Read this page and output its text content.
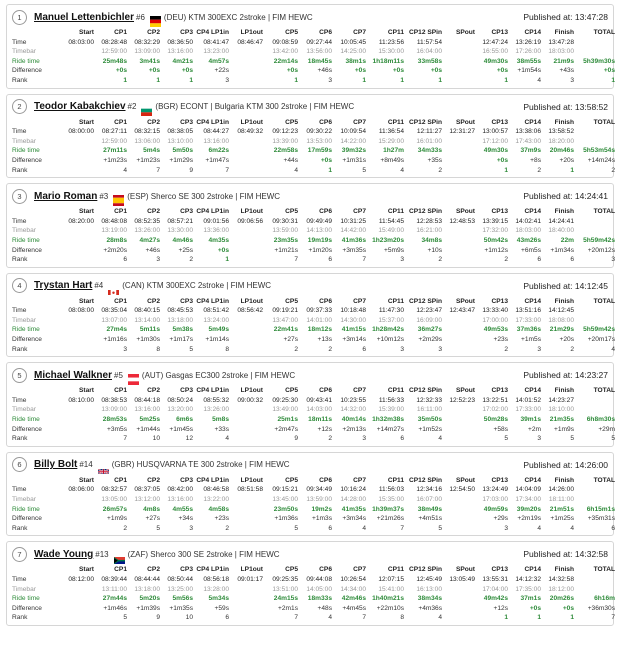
1	Manuel Lettenbichler #6 (DEU) KTM 300EXC 2stroke | FIM HEWC	Published at: 13:47:28
	Start	CP1	CP2	CP3	CP4 LP1in	LP1out	CP5	CP6	CP7	CP11	CP12 SPin	SPout	CP13	CP14	Finish	TOTAL
Time	08:03:00	08:28:48	08:32:29	08:36:50	08:41:47	08:46:47	09:08:59	09:27:44	10:05:45	11:23:56	11:57:54		12:47:24	13:26:19	13:47:28	
Timebar		12:59:00	13:09:00	13:16:00	13:23:00		13:42:00	13:56:00	14:25:00	15:30:00	16:04:00		16:55:00	17:26:00	18:03:00	
Ride time		25m48s	3m41s	4m21s	4m57s		22m14s	18m45s	38m1s	1h18m11s	33m58s		49m30s	38m55s	21m9s	5h39m30s
Difference		+0s	+0s	+0s	+22s		+0s	+46s	+0s	+0s	+0s		+0s	+1m54s	+43s	+0s
Rank		1	1	1	3		1	3	1	1	1		1	4	3	1
2	Teodor Kabakchiev #2 (BGR) ECONT | Bulgaria KTM 300 2stroke | FIM HEWC	Published at: 13:58:52
	Start	CP1	CP2	CP3	CP4 LP1in	LP1out	CP5	CP6	CP7	CP11	CP12 SPin	SPout	CP13	CP14	Finish	TOTAL
Time	08:00:00	08:27:11	08:32:15	08:38:05	08:44:27	08:49:32	09:12:23	09:30:22	10:09:54	11:36:54	12:11:27	12:31:27	13:00:57	13:38:06	13:58:52	
Timebar		12:59:00	13:06:00	13:10:00	13:16:00		13:39:00	13:53:00	14:22:00	15:29:00	16:01:00		17:12:00	17:43:00	18:20:00	
Ride time		27m11s	5m4s	5m50s	6m22s		22m58s	17m59s	39m32s	1h27m	34m33s		49m30s	37m9s	20m46s	5h53m54s
Difference		+1m23s	+1m23s	+1m29s	+1m47s		+44s	+0s	+1m31s	+8m49s	+35s		+0s	+8s	+20s	+14m24s
Rank		4	7	9	7		4	1	5	4	2		1	2	1	2
3	Mario Roman #3 (ESP) Sherco SE 300 2stroke | FIM HEWC	Published at: 14:24:41
	Start	CP1	CP2	CP3	CP4 LP1in	LP1out	CP5	CP6	CP7	CP11	CP12 SPin	SPout	CP13	CP14	Finish	TOTAL
Time	08:20:00	08:48:08	08:52:35	08:57:21	09:01:56	09:06:56	09:30:31	09:49:49	10:31:25	11:54:45	12:28:53	12:48:53	13:39:15	14:02:41	14:24:41	
Timebar		13:19:00	13:26:00	13:30:00	13:36:00		13:59:00	14:13:00	14:42:00	15:49:00	16:21:00		17:32:00	18:03:00	18:40:00	
Ride time		28m8s	4m27s	4m46s	4m35s		23m35s	19m19s	41m36s	1h23m20s	34m8s		50m42s	43m26s	22m	5h59m42s
Difference		+2m20s	+46s	+25s	+0s		+1m21s	+1m20s	+3m35s	+5m9s	+10s		+1m12s	+6m5s	+1m34s	+20m12s
Rank		6	3	2	1		7	6	7	3	2		2	6	6	3
4	Trystan Hart #4 (CAN) KTM 300EXC 2stroke | FIM HEWC	Published at: 14:12:45
	Start	CP1	CP2	CP3	CP4 LP1in	LP1out	CP5	CP6	CP7	CP11	CP12 SPin	SPout	CP13	CP14	Finish	TOTAL
Time	08:08:00	08:35:04	08:40:15	08:45:53	08:51:42	08:56:42	09:19:21	09:37:33	10:18:48	11:47:30	12:23:47	12:43:47	13:33:40	13:51:16	14:12:45	
Timebar		13:07:00	13:14:00	13:18:00	13:24:00		13:47:00	14:01:00	14:30:00	15:37:00	16:09:00		17:00:00	17:33:00	18:08:00	
Ride time		27m4s	5m11s	5m38s	5m49s		22m41s	18m12s	41m15s	1h28m42s	36m27s		49m53s	37m36s	21m29s	5h59m42s
Difference		+1m16s	+1m30s	+1m17s	+1m14s		+27s	+13s	+3m14s	+10m12s	+2m29s		+23s	+1m5s	+20s	+20m17s
Rank		3	8	5	8		2	2	6	3	3		2	3	2	4
5	Michael Walkner #5 (AUT) Gasgas EC300 2stroke | FIM HEWC	Published at: 14:23:27
	Start	CP1	CP2	CP3	CP4 LP1in	LP1out	CP5	CP6	CP7	CP11	CP12 SPin	SPout	CP13	CP14	Finish	TOTAL
Time	08:10:00	08:38:53	08:44:18	08:50:24	08:55:32	09:00:32	09:25:30	09:43:41	10:23:55	11:56:33	12:32:33	12:52:23	13:22:51	14:01:52	14:23:27	
Timebar		13:09:00	13:16:00	13:20:00	13:26:00		13:49:00	14:03:00	14:32:00	15:39:00	16:11:00		17:02:00	17:33:00	18:10:00	
Ride time		28m53s	5m25s	6m6s	5m8s		25m1s	18m11s	40m14s	1h32m38s	35m50s		50m28s	39m1s	21m35s	6h8m30s
Difference		+3m5s	+1m44s	+1m45s	+33s		+2m47s	+12s	+2m13s	+14m27s	+1m52s		+58s	+2m	+1m9s	+29m
Rank		7	10	12	4		9	2	3	6	4		5	3	5	5
6	Billy Bolt #14 (GBR) HUSQVARNA TE 300 2stroke | FIM HEWC	Published at: 14:26:00
	Start	CP1	CP2	CP3	CP4 LP1in	LP1out	CP5	CP6	CP7	CP11	CP12 SPin	SPout	CP13	CP14	Finish	TOTAL
Time	08:06:00	08:32:57	08:37:05	08:42:00	08:46:58	08:51:58	09:15:21	09:34:49	10:16:24	11:56:03	12:34:16	12:54:50	13:24:49	14:04:09	14:26:00	
Timebar		13:05:00	13:12:00	13:16:00	13:22:00		13:45:00	13:59:00	14:28:00	15:35:00	16:07:00		17:03:00	17:34:00	18:11:00	
Ride time		26m57s	4m8s	4m55s	4m58s		23m50s	19m2s	41m35s	1h39m37s	38m49s		49m59s	39m20s	21m51s	6h15m1s
Difference		+1m9s	+27s	+34s	+23s		+1m36s	+1m3s	+3m34s	+21m26s	+4m51s		+29s	+2m19s	+1m25s	+35m31s
Rank		2	5	3	2		5	6	4	7	5		3	4	4	6
7	Wade Young #13 (ZAF) Sherco 300 SE 2stroke | FIM HEWC	Published at: 14:32:58
	Start	CP1	CP2	CP3	CP4 LP1in	LP1out	CP5	CP6	CP7	CP11	CP12 SPin	SPout	CP13	CP14	Finish	TOTAL
Time	08:12:00	08:39:44	08:44:44	08:50:44	08:56:18	09:01:17	09:25:35	09:44:08	10:26:54	12:07:15	12:45:49	13:05:49	13:55:31	14:12:32	14:32:58	
Timebar		13:11:00	13:18:00	13:25:00	13:28:00		13:51:00	14:05:00	14:34:00	15:41:00	16:13:00		17:04:00	17:35:00	18:12:00	
Ride time		27m44s	5m20s	5m56s	5m34s		24m15s	18m33s	42m46s	1h40m21s	38m34s		49m42s	37m1s	20m26s	6h16m
Difference		+1m46s	+1m39s	+1m35s	+59s		+2m1s	+48s	+4m45s	+22m10s	+4m36s		+12s	+0s	+0s	+36m30s
Rank		5	9	10	6		7	4	7	8	4		1	1	1	7
